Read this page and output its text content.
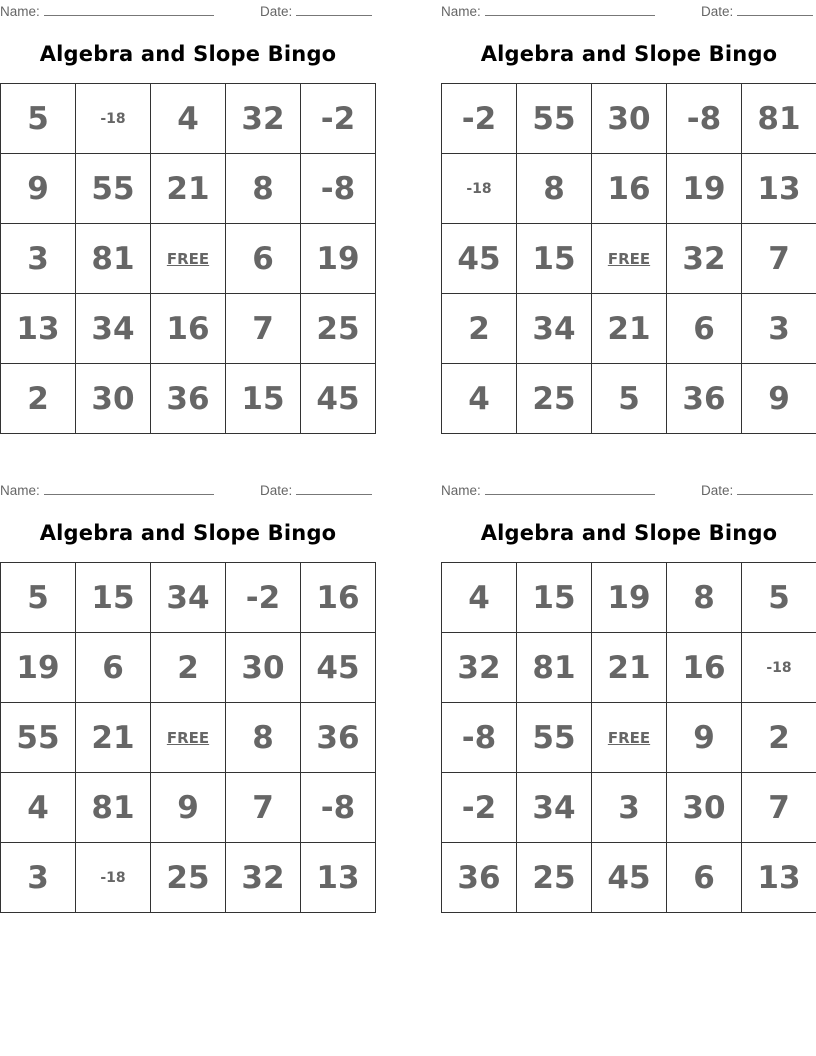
Name:	Date:
Algebra and Slope Bingo
5	-18	4	32	-2
9	55	21	8	-8
3	81	FREE	6	19
13	34	16	7	25
2	30	36	15	45
Name:	Date:
Algebra and Slope Bingo
-2	55	30	-8	81
-18	8	16	19	13
45	15	FREE	32	7
2	34	21	6	3
4	25	5	36	9
Name:	Date:
Algebra and Slope Bingo
5	15	34	-2	16
19	6	2	30	45
55	21	FREE	8	36
4	81	9	7	-8
3	-18	25	32	13
Name:	Date:
Algebra and Slope Bingo
4	15	19	8	5
32	81	21	16	-18
-8	55	FREE	9	2
-2	34	3	30	7
36	25	45	6	13
